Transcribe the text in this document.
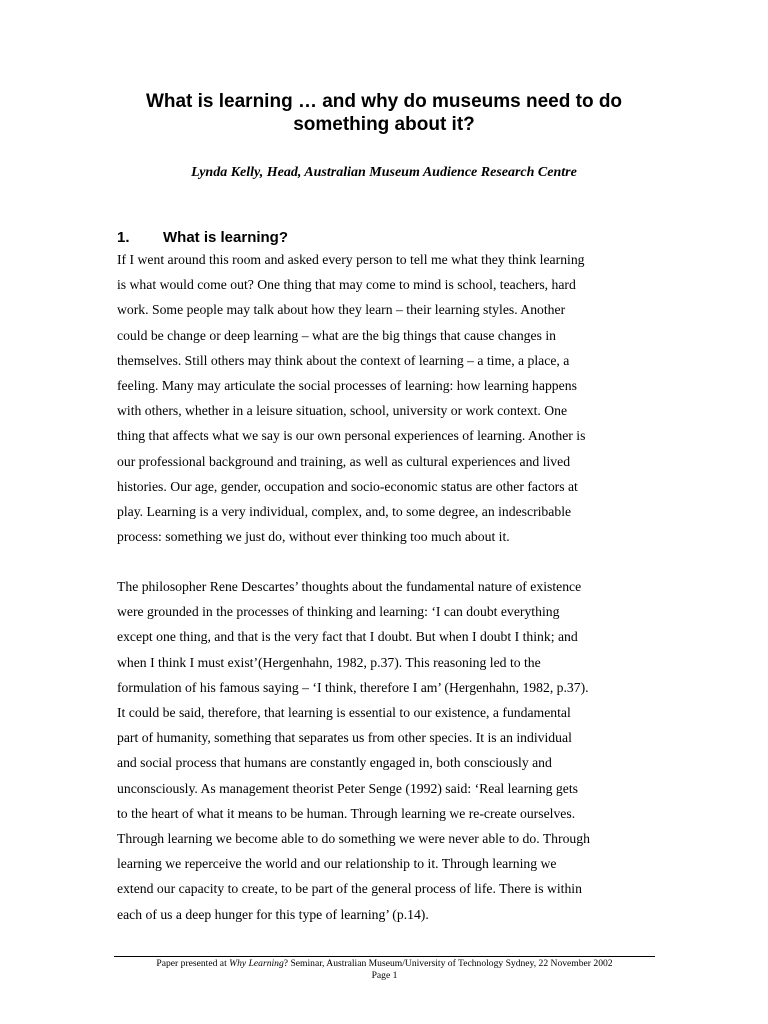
What is learning … and why do museums need to do
something about it?

Lynda Kelly, Head, Australian Museum Audience Research Centre

1.	What is learning?
If I went around this room and asked every person to tell me what they think learning
is what would come out? One thing that may come to mind is school, teachers, hard
work. Some people may talk about how they learn – their learning styles. Another
could be change or deep learning – what are the big things that cause changes in
themselves. Still others may think about the context of learning – a time, a place, a
feeling. Many may articulate the social processes of learning: how learning happens
with others, whether in a leisure situation, school, university or work context. One
thing that affects what we say is our own personal experiences of learning. Another is
our professional background and training, as well as cultural experiences and lived
histories. Our age, gender, occupation and socio-economic status are other factors at
play. Learning is a very individual, complex, and, to some degree, an indescribable
process: something we just do, without ever thinking too much about it.
The philosopher Rene Descartes’ thoughts about the fundamental nature of existence
were grounded in the processes of thinking and learning: ‘I can doubt everything
except one thing, and that is the very fact that I doubt. But when I doubt I think; and
when I think I must exist’(Hergenhahn, 1982, p.37). This reasoning led to the
formulation of his famous saying – ‘I think, therefore I am’ (Hergenhahn, 1982, p.37).
It could be said, therefore, that learning is essential to our existence, a fundamental
part of humanity, something that separates us from other species. It is an individual
and social process that humans are constantly engaged in, both consciously and
unconsciously. As management theorist Peter Senge (1992) said: ‘Real learning gets
to the heart of what it means to be human. Through learning we re-create ourselves.
Through learning we become able to do something we were never able to do. Through
learning we reperceive the world and our relationship to it. Through learning we
extend our capacity to create, to be part of the general process of life. There is within
each of us a deep hunger for this type of learning’ (p.14).
Paper presented at Why Learning? Seminar, Australian Museum/University of Technology Sydney, 22 November 2002
Page 1
